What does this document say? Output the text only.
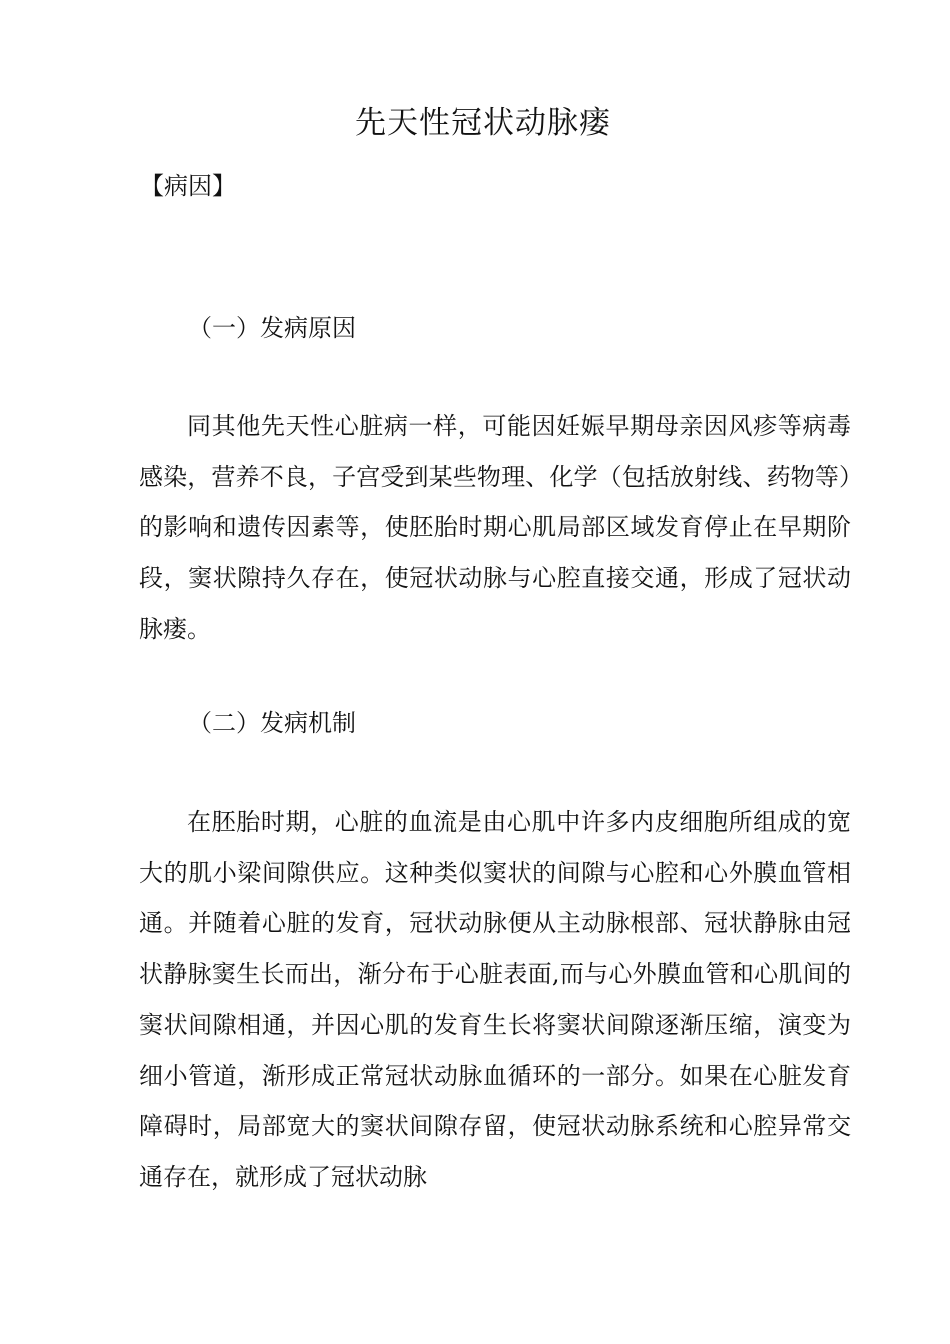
先天性冠状动脉瘘
【病因】
（一）发病原因

同其他先天性心脏病一样，可能因妊娠早期母亲因风疹等病毒感染，营养不良，子宫受到某些物理、化学（包括放射线、药物等）的影响和遗传因素等，使胚胎时期心肌局部区域发育停止在早期阶段，窦状隙持久存在，使冠状动脉与心腔直接交通，形成了冠状动脉瘘。

（二）发病机制

在胚胎时期，心脏的血流是由心肌中许多内皮细胞所组成的宽大的肌小梁间隙供应。这种类似窦状的间隙与心腔和心外膜血管相通。并随着心脏的发育，冠状动脉便从主动脉根部、冠状静脉由冠状静脉窦生长而出，渐分布于心脏表面,而与心外膜血管和心肌间的窦状间隙相通，并因心肌的发育生长将窦状间隙逐渐压缩，演变为细小管道，渐形成正常冠状动脉血循环的一部分。如果在心脏发育障碍时，局部宽大的窦状间隙存留，使冠状动脉系统和心腔异常交通存在，就形成了冠状动脉
